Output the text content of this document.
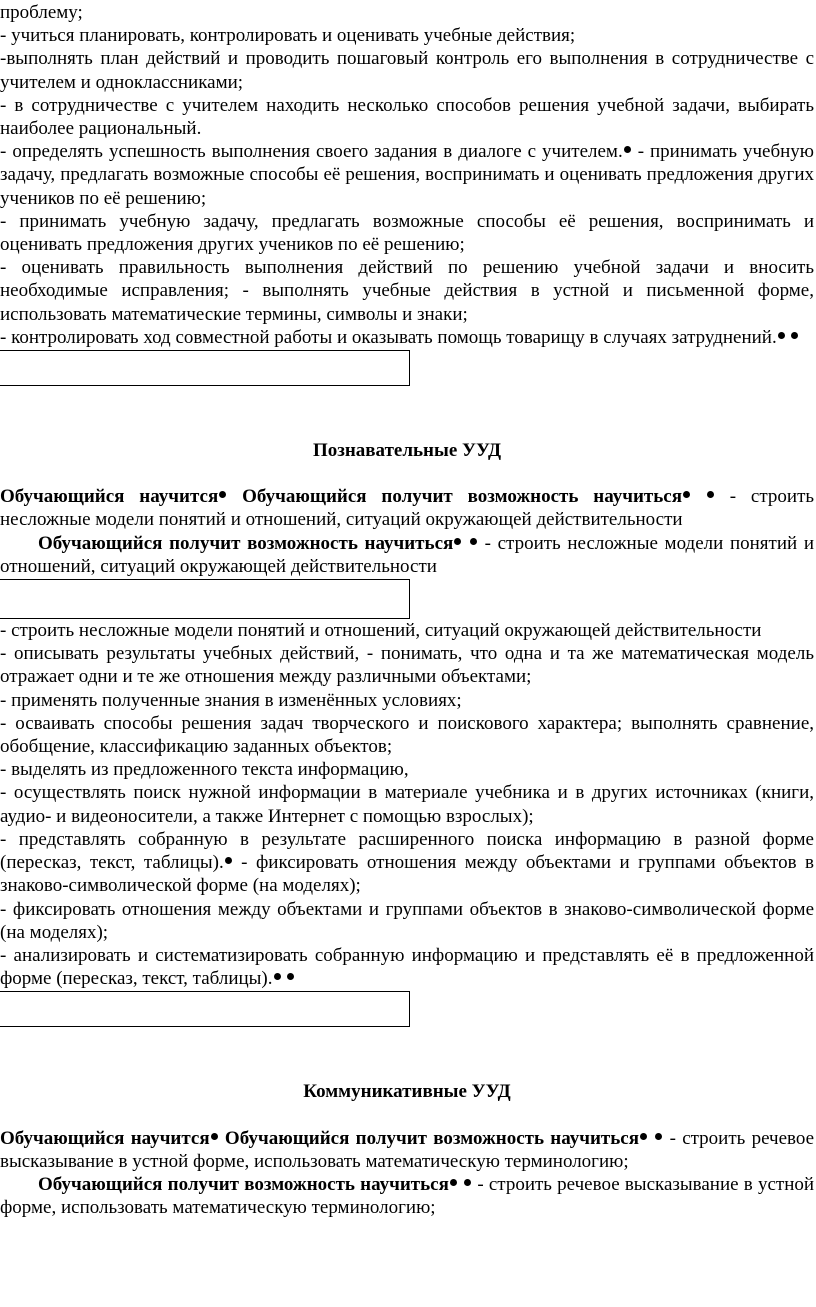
проблему;

- учиться планировать, контролировать и оценивать учебные действия;

-выполнять план действий и проводить пошаговый контроль его выполнения в сотрудничестве с учителем и одноклассниками;

- в сотрудничестве с учителем находить несколько способов решения учебной задачи, выбирать наиболее рациональный.

- определять успешность выполнения своего задания в диалоге с учителем. - принимать учебную задачу, предлагать возможные способы её решения, воспринимать и оценивать предложения других учеников по её решению;

- принимать учебную задачу, предлагать возможные способы её решения, воспринимать и оценивать предложения других учеников по её решению;

- оценивать правильность выполнения действий по решению учебной задачи и вносить необходимые исправления; - выполнять учебные действия в устной и письменной форме, использовать математические термины, символы и знаки;

- контролировать ход совместной работы и оказывать помощь товарищу в случаях затруднений.

Познавательные УУД

Обучающийся научится Обучающийся получит возможность научиться  - строить несложные модели понятий и отношений, ситуаций окружающей действительности

Обучающийся получит возможность научиться  - строить несложные модели понятий и отношений, ситуаций окружающей действительности

- строить несложные модели понятий и отношений, ситуаций окружающей действительности

- описывать результаты учебных действий, - понимать, что одна и та же математическая модель отражает одни и те же отношения между различными объектами;

- применять полученные знания в изменённых условиях;

- осваивать способы решения задач творческого и поискового характера; выполнять сравнение, обобщение, классификацию заданных объектов;

- выделять из предложенного текста информацию,

- осуществлять поиск нужной информации в материале учебника и в других источниках (книги, аудио- и видеоносители, а также Интернет с помощью взрослых);

- представлять собранную в результате расширенного поиска информацию в разной форме (пересказ, текст, таблицы). - фиксировать отношения между объектами и группами объектов в знаково-символической форме (на моделях);

- фиксировать отношения между объектами и группами объектов в знаково-символической форме (на моделях);

- анализировать и систематизировать собранную информацию и представлять её в предложенной форме (пересказ, текст, таблицы).

Коммуникативные УУД

Обучающийся научится Обучающийся получит возможность научиться  - строить речевое высказывание в устной форме, использовать математическую терминологию;

Обучающийся получит возможность научиться  - строить речевое высказывание в устной форме, использовать математическую терминологию;
